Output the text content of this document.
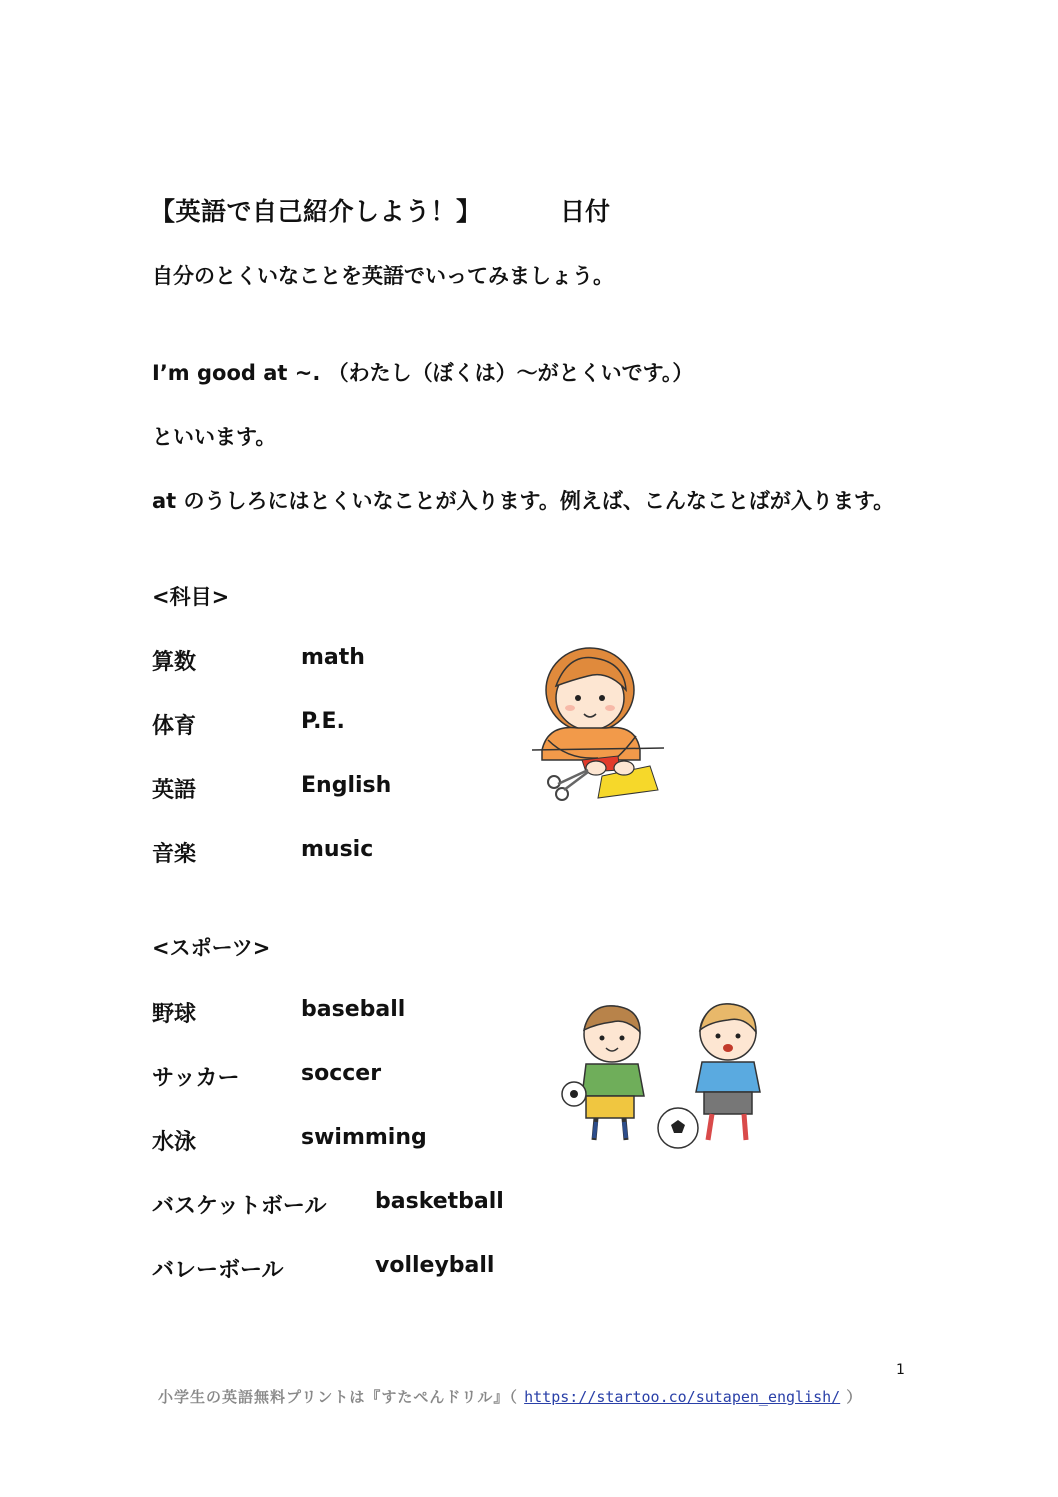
【英語で自己紹介しよう！】	日付
自分のとくいなことを英語でいってみましょう。
I’m good at ~. （わたし（ぼくは）～がとくいです。）
といいます。
at のうしろにはとくいなことが入ります。例えば、こんなことばが入ります。
<科目>
算数	math
体育	P.E.
英語	English
音楽	music
<スポーツ>
野球	baseball
サッカー	soccer
水泳	swimming
バスケットボール basketball
バレーボール	volleyball
1
小学生の英語無料プリントは『すたぺんドリル』（ https://startoo.co/sutapen_english/ ）
